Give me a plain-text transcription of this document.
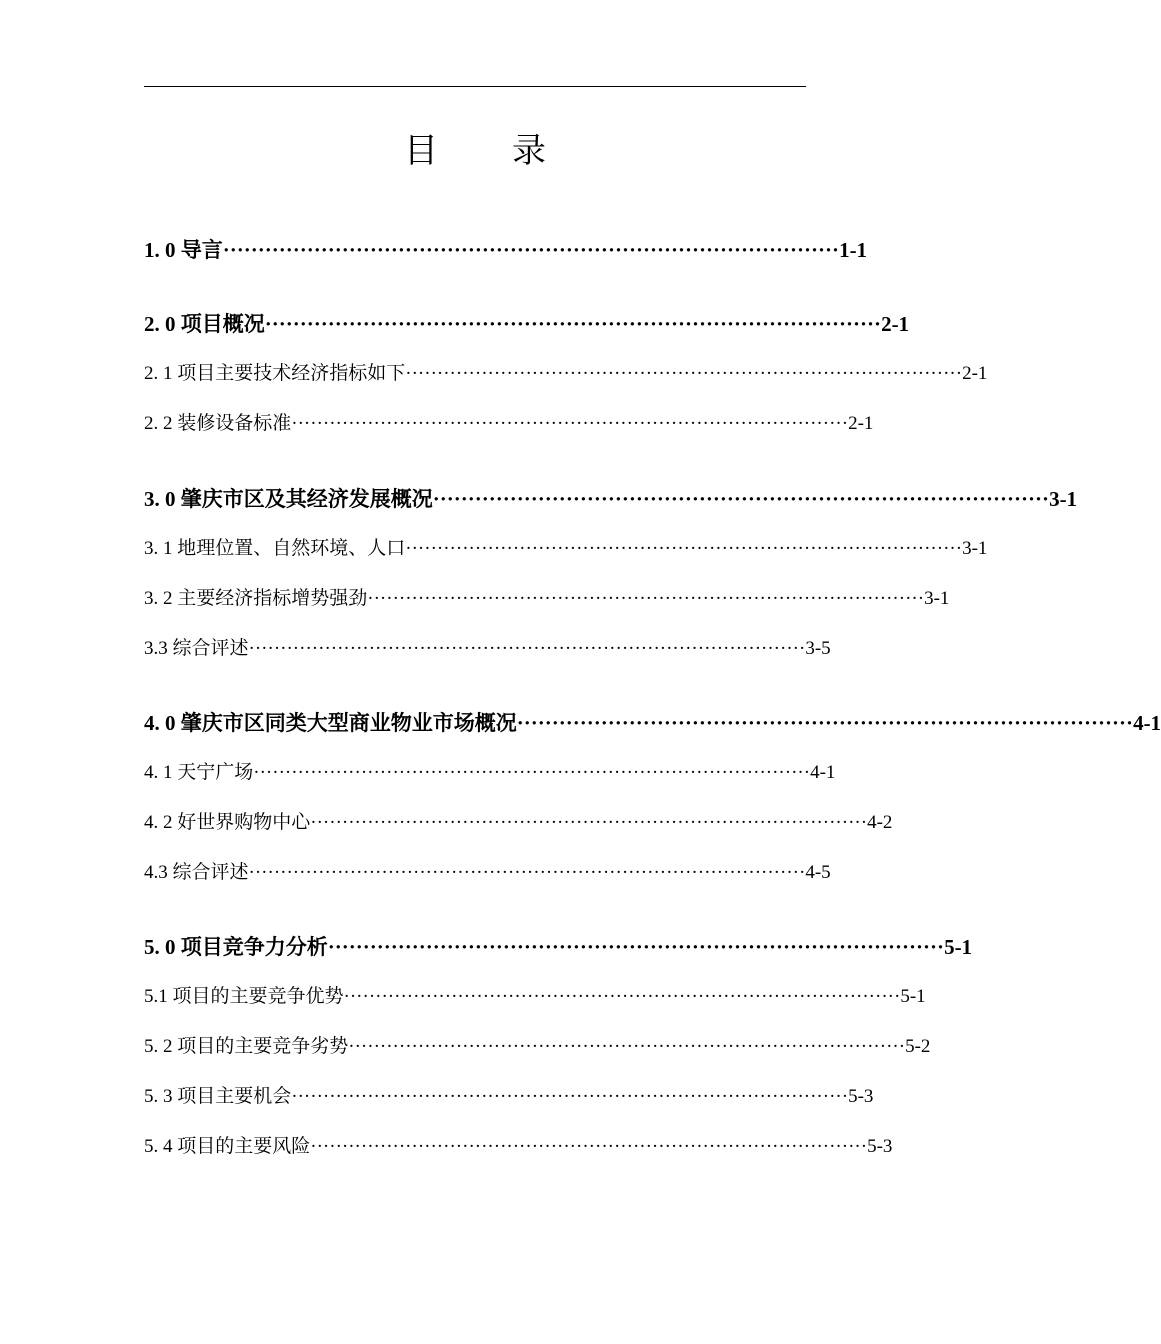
目 录
1. 0 导言 ························································································ 1-1
2. 0 项目概况 ························································································ 2-1
2. 1 项目主要技术经济指标如下 ························································································ 2-1
2. 2 装修设备标准 ························································································ 2-1
3. 0 肇庆市区及其经济发展概况 ························································································ 3-1
3. 1 地理位置、自然环境、人口 ························································································ 3-1
3. 2 主要经济指标增势强劲 ························································································ 3-1
3.3 综合评述 ························································································ 3-5
4. 0 肇庆市区同类大型商业物业市场概况 ························································································ 4-1
4. 1 天宁广场 ························································································ 4-1
4. 2 好世界购物中心 ························································································ 4-2
4.3 综合评述 ························································································ 4-5
5. 0 项目竞争力分析 ························································································ 5-1
5.1 项目的主要竞争优势 ························································································ 5-1
5. 2 项目的主要竞争劣势 ························································································ 5-2
5. 3 项目主要机会 ························································································ 5-3
5. 4 项目的主要风险 ························································································ 5-3
